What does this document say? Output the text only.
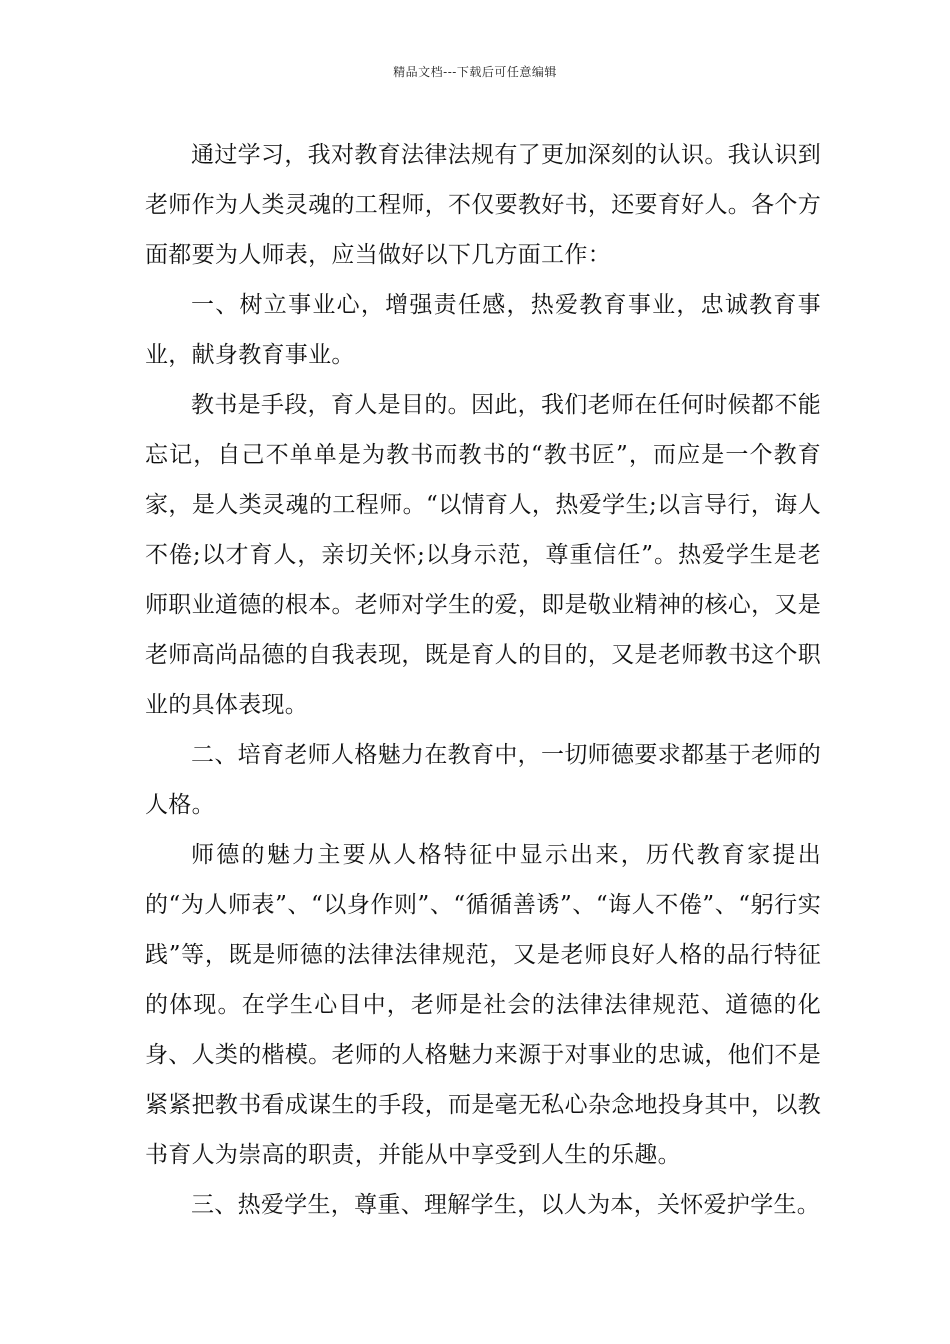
精品文档---下载后可任意编辑

通过学习，我对教育法律法规有了更加深刻的认识。我认识到老师作为人类灵魂的工程师，不仅要教好书，还要育好人。各个方面都要为人师表，应当做好以下几方面工作：

一、树立事业心，增强责任感，热爱教育事业，忠诚教育事业，献身教育事业。

教书是手段，育人是目的。因此，我们老师在任何时候都不能忘记，自己不单单是为教书而教书的“教书匠”，而应是一个教育家，是人类灵魂的工程师。“以情育人，热爱学生;以言导行，诲人不倦;以才育人，亲切关怀;以身示范，尊重信任”。热爱学生是老师职业道德的根本。老师对学生的爱，即是敬业精神的核心，又是老师高尚品德的自我表现，既是育人的目的，又是老师教书这个职业的具体表现。

二、培育老师人格魅力在教育中，一切师德要求都基于老师的人格。

师德的魅力主要从人格特征中显示出来，历代教育家提出的“为人师表”、“以身作则”、“循循善诱”、“诲人不倦”、“躬行实践”等，既是师德的法律法律规范，又是老师良好人格的品行特征的体现。在学生心目中，老师是社会的法律法律规范、道德的化身、人类的楷模。老师的人格魅力来源于对事业的忠诚，他们不是紧紧把教书看成谋生的手段，而是毫无私心杂念地投身其中，以教书育人为崇高的职责，并能从中享受到人生的乐趣。

三、热爱学生，尊重、理解学生，以人为本，关怀爱护学生。
